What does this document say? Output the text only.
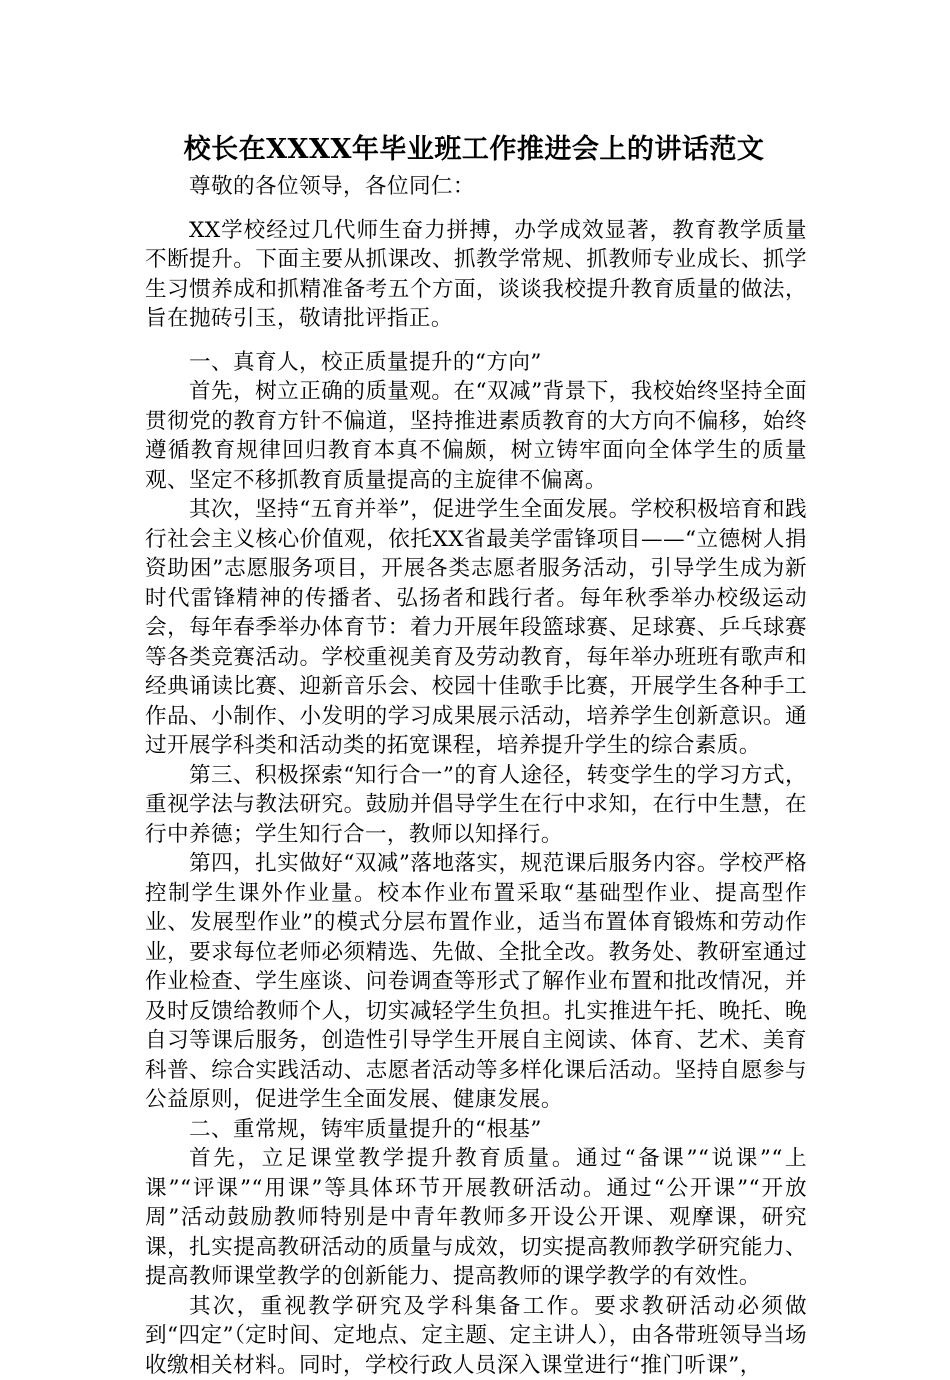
校长在XXXX年毕业班工作推进会上的讲话范文

尊敬的各位领导，各位同仁：

XX学校经过几代师生奋力拼搏，办学成效显著，教育教学质量不断提升。下面主要从抓课改、抓教学常规、抓教师专业成长、抓学生习惯养成和抓精准备考五个方面，谈谈我校提升教育质量的做法，旨在抛砖引玉，敬请批评指正。

一、真育人，校正质量提升的“方向”

首先，树立正确的质量观。在“双减”背景下，我校始终坚持全面贯彻党的教育方针不偏道，坚持推进素质教育的大方向不偏移，始终遵循教育规律回归教育本真不偏颇，树立铸牢面向全体学生的质量观、坚定不移抓教育质量提高的主旋律不偏离。

其次，坚持“五育并举”，促进学生全面发展。学校积极培育和践行社会主义核心价值观，依托XX省最美学雷锋项目——“立德树人捐资助困”志愿服务项目，开展各类志愿者服务活动，引导学生成为新时代雷锋精神的传播者、弘扬者和践行者。每年秋季举办校级运动会，每年春季举办体育节：着力开展年段篮球赛、足球赛、乒乓球赛等各类竞赛活动。学校重视美育及劳动教育，每年举办班班有歌声和经典诵读比赛、迎新音乐会、校园十佳歌手比赛，开展学生各种手工作品、小制作、小发明的学习成果展示活动，培养学生创新意识。通过开展学科类和活动类的拓宽课程，培养提升学生的综合素质。

第三、积极探索“知行合一”的育人途径，转变学生的学习方式，重视学法与教法研究。鼓励并倡导学生在行中求知，在行中生慧，在行中养德；学生知行合一，教师以知择行。

第四，扎实做好“双减”落地落实，规范课后服务内容。学校严格控制学生课外作业量。校本作业布置采取“基础型作业、提高型作业、发展型作业”的模式分层布置作业，适当布置体育锻炼和劳动作业，要求每位老师必须精选、先做、全批全改。教务处、教研室通过作业检查、学生座谈、问卷调查等形式了解作业布置和批改情况，并及时反馈给教师个人，切实减轻学生负担。扎实推进午托、晚托、晚自习等课后服务，创造性引导学生开展自主阅读、体育、艺术、美育科普、综合实践活动、志愿者活动等多样化课后活动。坚持自愿参与公益原则，促进学生全面发展、健康发展。

二、重常规，铸牢质量提升的“根基”

首先，立足课堂教学提升教育质量。通过“备课”“说课”“上课”“评课”“用课”等具体环节开展教研活动。通过“公开课”“开放周”活动鼓励教师特别是中青年教师多开设公开课、观摩课，研究课，扎实提高教研活动的质量与成效，切实提高教师教学研究能力、提高教师课堂教学的创新能力、提高教师的课学教学的有效性。

其次，重视教学研究及学科集备工作。要求教研活动必须做到“四定”（定时间、定地点、定主题、定主讲人），由各带班领导当场收缴相关材料。同时，学校行政人员深入课堂进行“推门听课”，
